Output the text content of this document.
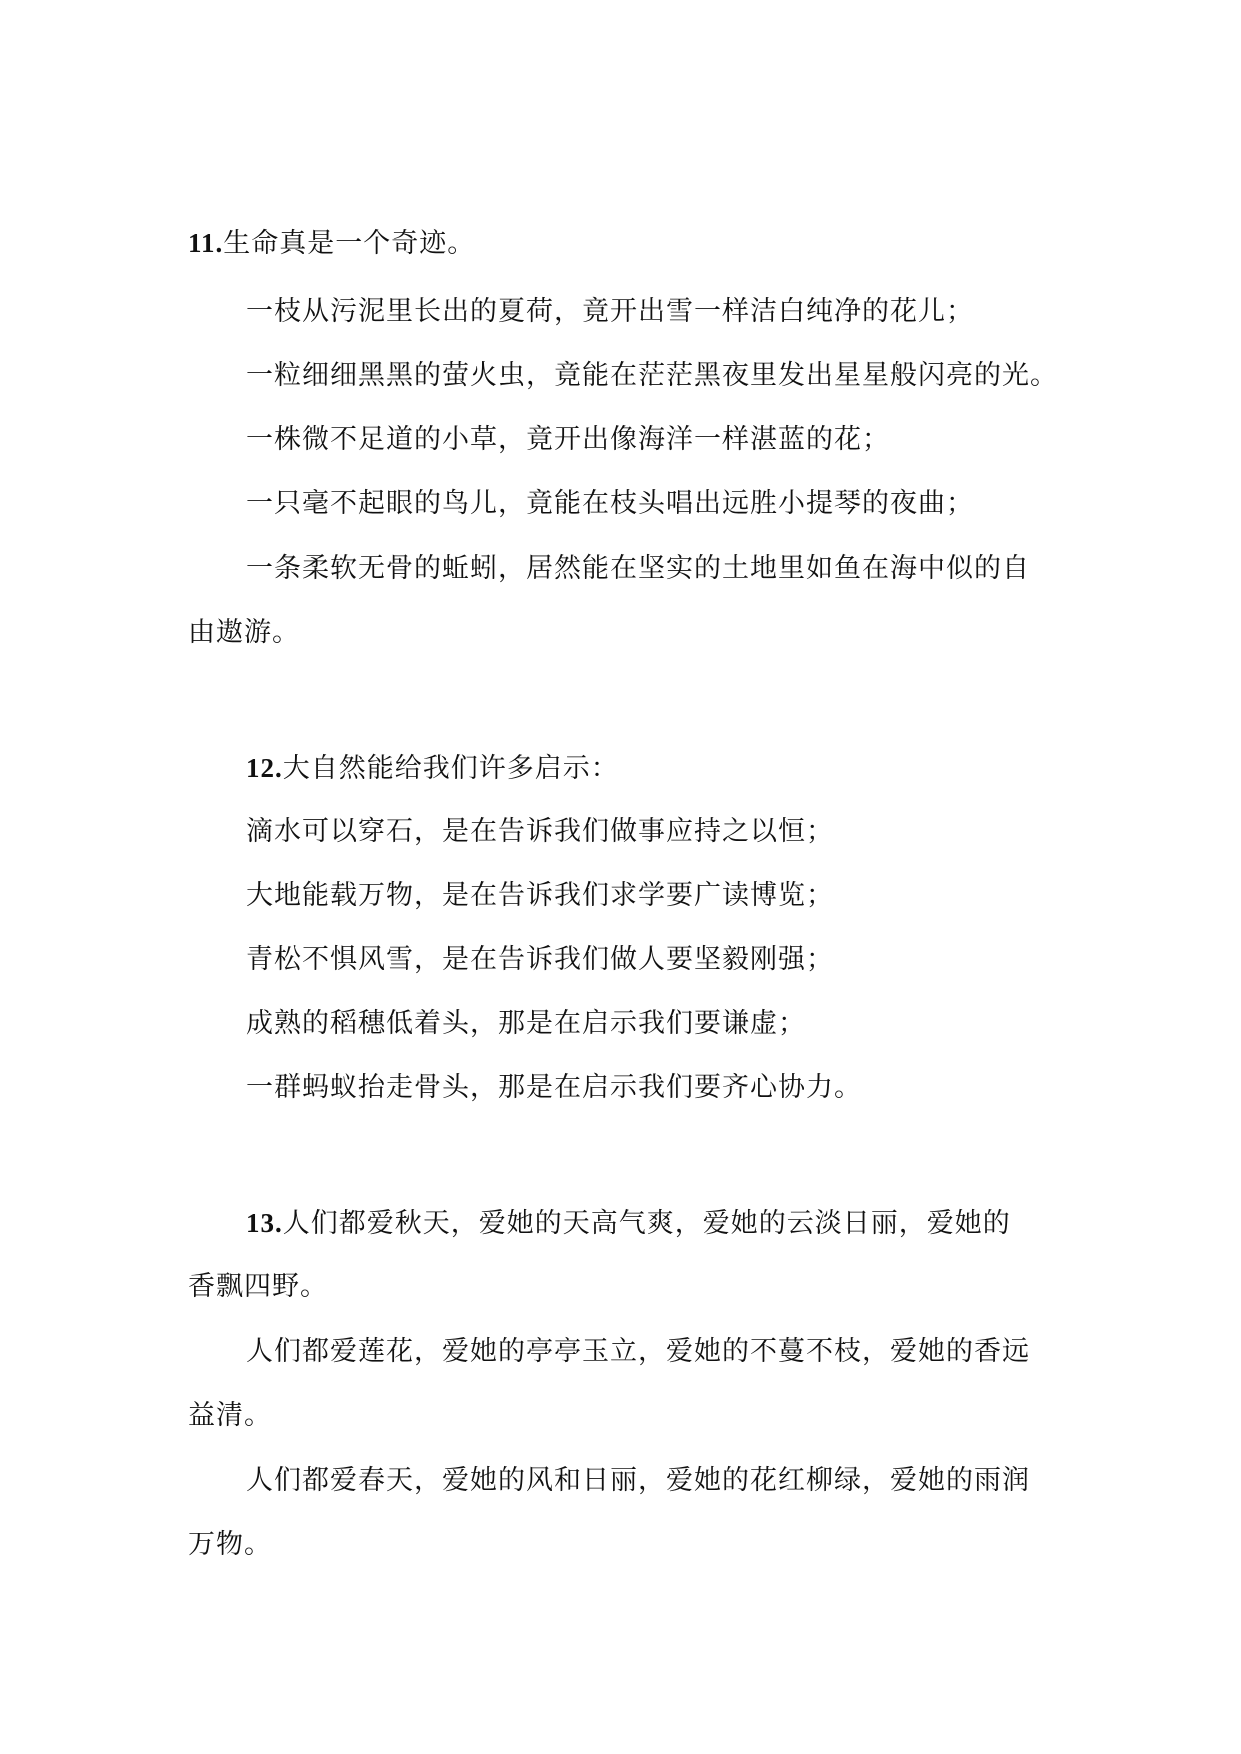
11.生命真是一个奇迹。
一枝从污泥里长出的夏荷，竟开出雪一样洁白纯净的花儿；
一粒细细黑黑的萤火虫，竟能在茫茫黑夜里发出星星般闪亮的光。
一株微不足道的小草，竟开出像海洋一样湛蓝的花；
一只毫不起眼的鸟儿，竟能在枝头唱出远胜小提琴的夜曲；
一条柔软无骨的蚯蚓，居然能在坚实的土地里如鱼在海中似的自
由遨游。
12.大自然能给我们许多启示：
滴水可以穿石，是在告诉我们做事应持之以恒；
大地能载万物，是在告诉我们求学要广读博览；
青松不惧风雪，是在告诉我们做人要坚毅刚强；
成熟的稻穗低着头，那是在启示我们要谦虚；
一群蚂蚁抬走骨头，那是在启示我们要齐心协力。
13.人们都爱秋天，爱她的天高气爽，爱她的云淡日丽，爱她的
香飘四野。
人们都爱莲花，爱她的亭亭玉立，爱她的不蔓不枝，爱她的香远
益清。
人们都爱春天，爱她的风和日丽，爱她的花红柳绿，爱她的雨润
万物。
